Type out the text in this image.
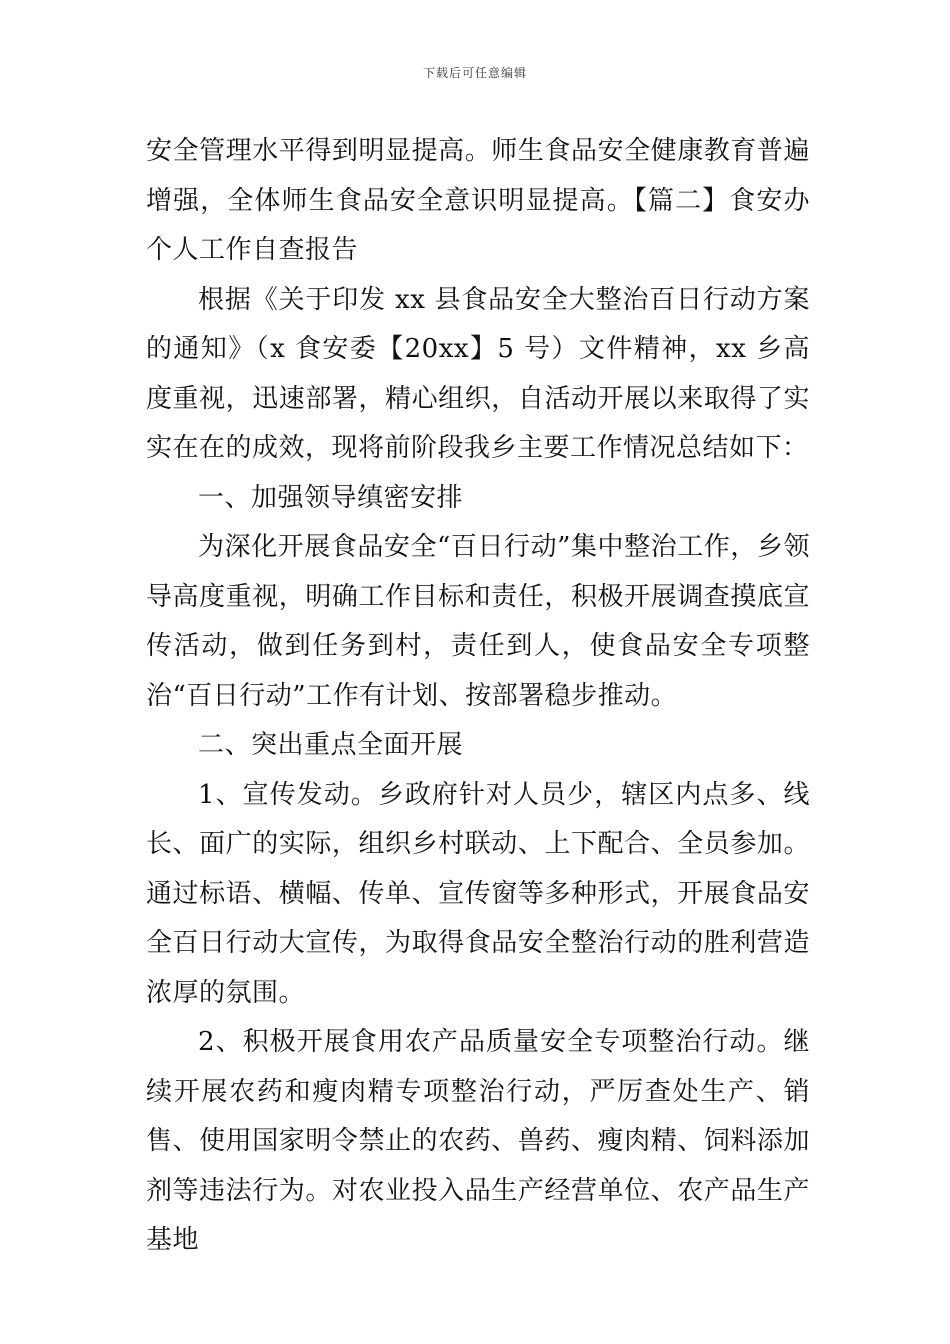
下载后可任意编辑

安全管理水平得到明显提高。师生食品安全健康教育普遍增强，全体师生食品安全意识明显提高。【篇二】食安办个人工作自查报告

根据《关于印发 xx 县食品安全大整治百日行动方案的通知》（x 食安委【20xx】5 号）文件精神，xx 乡高度重视，迅速部署，精心组织，自活动开展以来取得了实实在在的成效，现将前阶段我乡主要工作情况总结如下：

一、加强领导缜密安排

为深化开展食品安全“百日行动”集中整治工作，乡领导高度重视，明确工作目标和责任，积极开展调查摸底宣传活动，做到任务到村，责任到人，使食品安全专项整治“百日行动”工作有计划、按部署稳步推动。

二、突出重点全面开展

1、宣传发动。乡政府针对人员少，辖区内点多、线长、面广的实际，组织乡村联动、上下配合、全员参加。通过标语、横幅、传单、宣传窗等多种形式，开展食品安全百日行动大宣传，为取得食品安全整治行动的胜利营造浓厚的氛围。

2、积极开展食用农产品质量安全专项整治行动。继续开展农药和瘦肉精专项整治行动，严厉查处生产、销售、使用国家明令禁止的农药、兽药、瘦肉精、饲料添加剂等违法行为。对农业投入品生产经营单位、农产品生产基地
